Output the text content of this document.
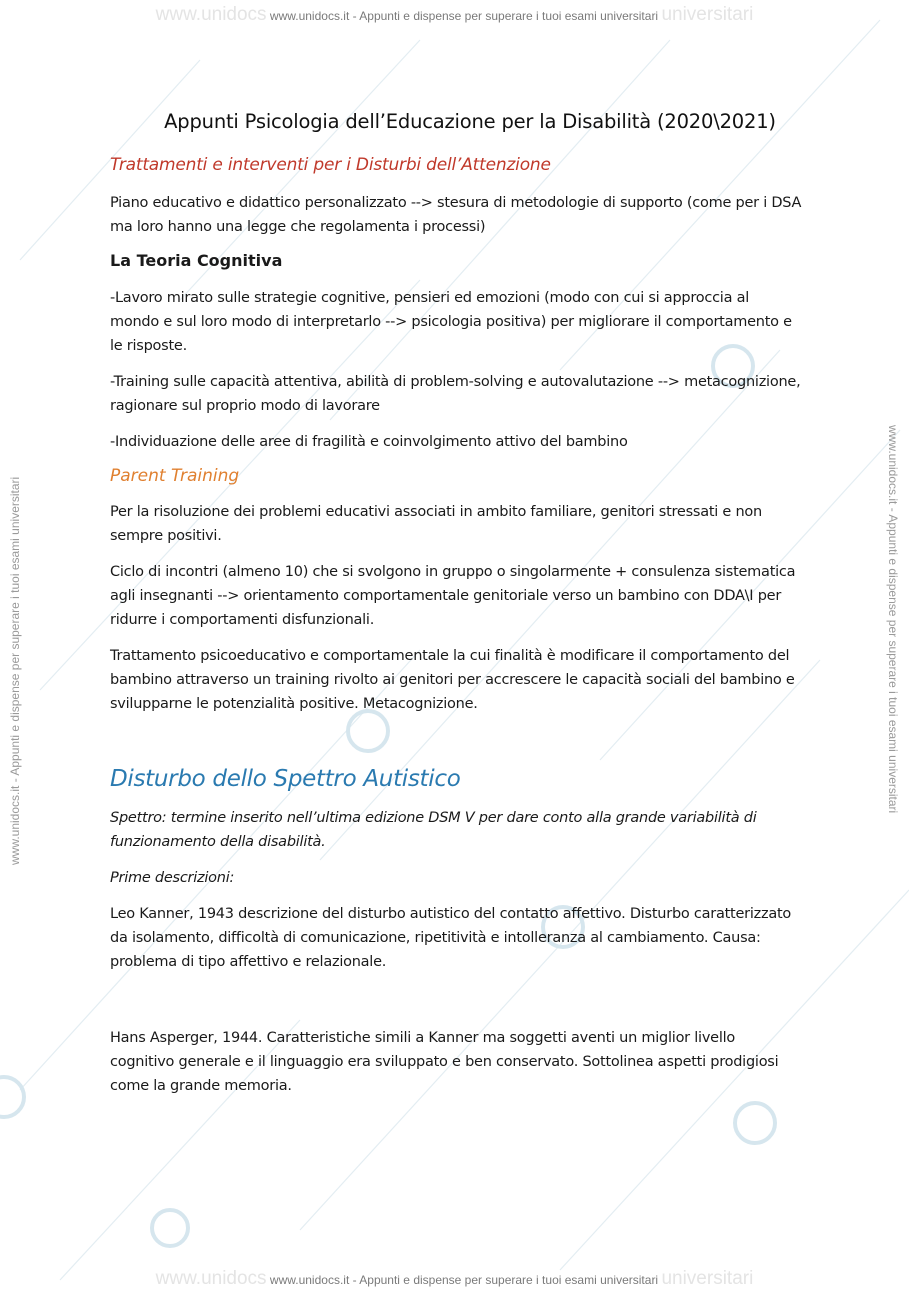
www.unidocs www.unidocs.it - Appunti e dispense per superare i tuoi esami universitari universitari
www.unidocs www.unidocs.it - Appunti e dispense per superare i tuoi esami universitari universitari
www.unidocs.it - Appunti e dispense per superare i tuoi esami universitari	www.unidocs.it - Appunti e dispense per superare i tuoi esami universitari
Appunti Psicologia dell’Educazione per la Disabilità (2020\2021)
Trattamenti e interventi per i Disturbi dell’Attenzione

Piano educativo e didattico personalizzato --> stesura di metodologie di supporto (come per i DSA ma loro hanno una legge che regolamenta i processi)

La Teoria Cognitiva

-Lavoro mirato sulle strategie cognitive, pensieri ed emozioni (modo con cui si approccia al mondo e sul loro modo di interpretarlo --> psicologia positiva) per migliorare il comportamento e le risposte.

-Training sulle capacità attentiva, abilità di problem-solving e autovalutazione --> metacognizione, ragionare sul proprio modo di lavorare

-Individuazione delle aree di fragilità e coinvolgimento attivo del bambino

Parent Training

Per la risoluzione dei problemi educativi associati in ambito familiare, genitori stressati e non sempre positivi.

Ciclo di incontri (almeno 10) che si svolgono in gruppo o singolarmente + consulenza sistematica agli insegnanti --> orientamento comportamentale genitoriale verso un bambino con DDA\I per ridurre i comportamenti disfunzionali.

Trattamento psicoeducativo e comportamentale la cui finalità è modificare il comportamento del bambino attraverso un training rivolto ai genitori per accrescere le capacità sociali del bambino e svilupparne le potenzialità positive. Metacognizione.

Disturbo dello Spettro Autistico

Spettro: termine inserito nell’ultima edizione DSM V per dare conto alla grande variabilità di funzionamento della disabilità.

Prime descrizioni:

Leo Kanner, 1943 descrizione del disturbo autistico del contatto affettivo. Disturbo caratterizzato da isolamento, difficoltà di comunicazione, ripetitività e intolleranza al cambiamento. Causa: problema di tipo affettivo e relazionale.

Hans Asperger, 1944. Caratteristiche simili a Kanner ma soggetti aventi un miglior livello cognitivo generale e il linguaggio era sviluppato e ben conservato. Sottolinea aspetti prodigiosi come la grande memoria.
